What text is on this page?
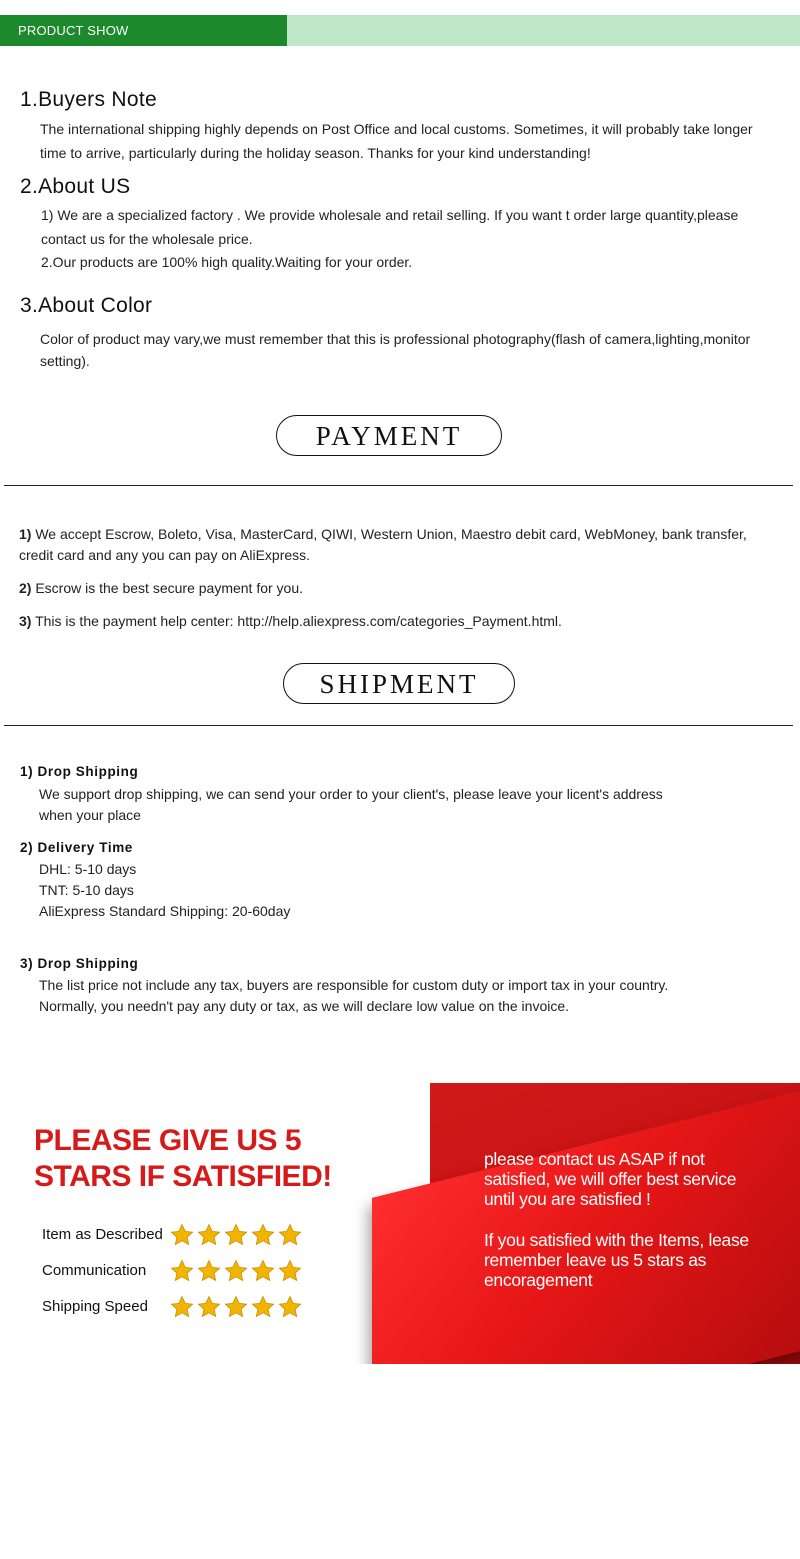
PRODUCT SHOW
1.Buyers Note
The international shipping highly depends on Post Office and local customs. Sometimes, it will probably take longer time to arrive, particularly during the holiday season. Thanks for your kind understanding!
2.About US
1) We are a specialized factory . We provide wholesale and retail selling. If you want t order large quantity,please contact us for the wholesale price.
2.Our products are 100% high quality.Waiting for your order.
3.About Color
Color of product may vary,we must remember that this is professional photography(flash of camera,lighting,monitor setting).
PAYMENT
1) We accept Escrow, Boleto, Visa, MasterCard, QIWI, Western Union, Maestro debit card, WebMoney, bank transfer, credit card and any you can pay on AliExpress.
2) Escrow is the best secure payment for you.
3) This is the payment help center: http://help.aliexpress.com/categories_Payment.html.
SHIPMENT
1) Drop Shipping
We support drop shipping, we can send your order to your client's, please leave your licent's address
when your place
2) Delivery Time
DHL: 5-10 days
TNT: 5-10 days
AliExpress Standard Shipping: 20-60day
3) Drop Shipping
The list price not include any tax, buyers are responsible for custom duty or import tax in your country.
Normally, you needn't pay any duty or tax, as we will declare low value on the invoice.
PLEASE GIVE US 5
STARS IF SATISFIED!
Item as Described
Communication
Shipping Speed
please contact us ASAP if not
satisfied, we will offer best service
until you are satisfied !
If you satisfied with the Items, lease
remember leave us 5 stars as
encoragement
